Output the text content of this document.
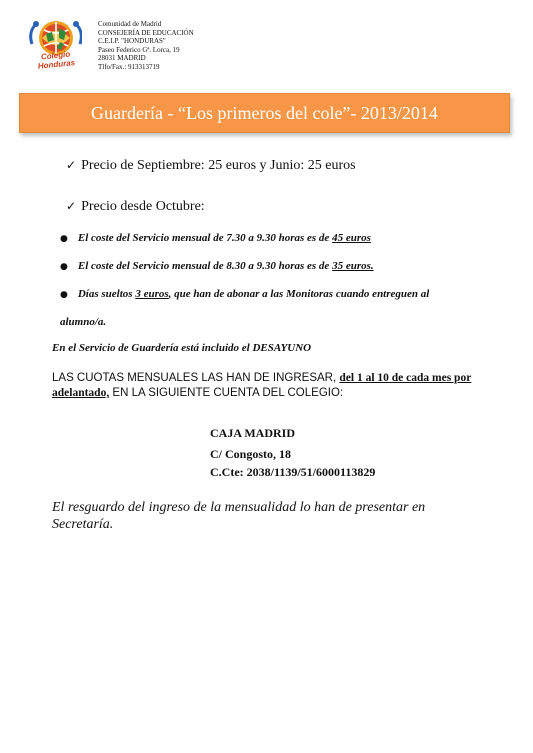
Colegio Honduras
Comunidad de Madrid
CONSEJERÍA DE EDUCACIÓN
C.E.I.P. "HONDURAS"
Paseo Federico Gª. Lorca, 19
28031 MADRID
Tlfo/Fax.: 913313719
Guardería - “Los primeros del cole”- 2013/2014
✓ Precio de Septiembre: 25 euros y Junio: 25 euros
✓ Precio desde Octubre:
● El coste del Servicio mensual de 7.30 a 9.30 horas es de 45 euros
● El coste del Servicio mensual de 8.30 a 9.30 horas es de 35 euros.
● Días sueltos 3 euros, que han de abonar a las Monitoras cuando entreguen al
alumno/a.
En el Servicio de Guardería está incluido el DESAYUNO
LAS CUOTAS MENSUALES LAS HAN DE INGRESAR, del 1 al 10 de cada mes por adelantado, EN LA SIGUIENTE CUENTA DEL COLEGIO:
CAJA MADRID
C/ Congosto, 18
C.Cte: 2038/1139/51/6000113829
El resguardo del ingreso de la mensualidad lo han de presentar en Secretaría.
